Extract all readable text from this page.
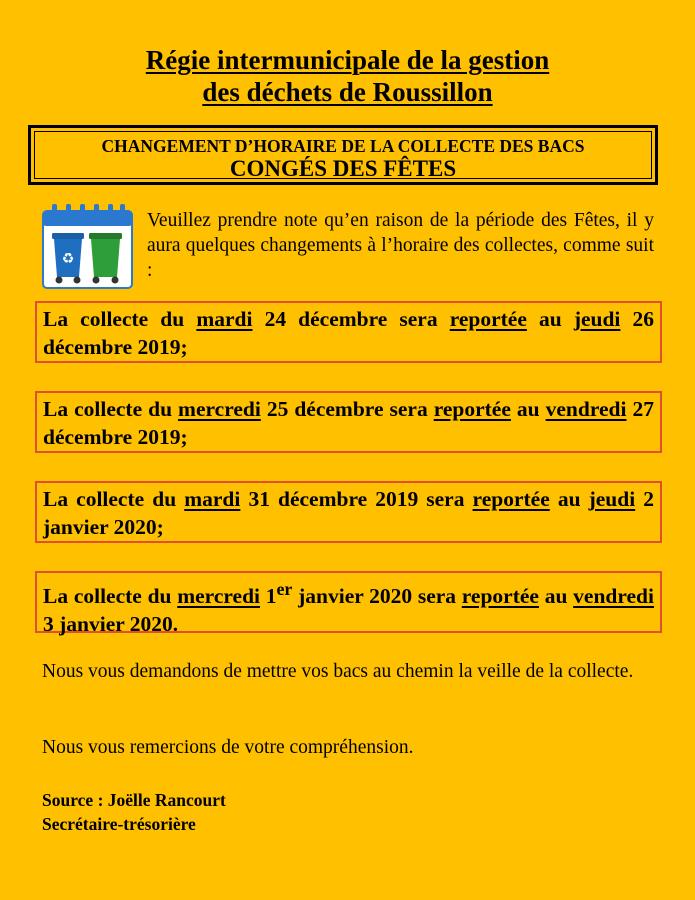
Régie intermunicipale de la gestion
des déchets de Roussillon
CHANGEMENT D’HORAIRE DE LA COLLECTE DES BACS
CONGÉS DES FÊTES
♻
Veuillez prendre note qu’en raison de la période des Fêtes, il y aura quelques changements à l’horaire des collectes, comme suit :
La collecte du mardi 24 décembre sera reportée au jeudi 26 décembre 2019;
La collecte du mercredi 25 décembre sera reportée au vendredi 27 décembre 2019;
La collecte du mardi 31 décembre 2019 sera reportée au jeudi 2 janvier 2020;
La collecte du mercredi 1er janvier 2020 sera reportée au vendredi 3 janvier 2020.
Nous vous demandons de mettre vos bacs au chemin la veille de la collecte.
Nous vous remercions de votre compréhension.
Source : Joëlle Rancourt
Secrétaire-trésorière
